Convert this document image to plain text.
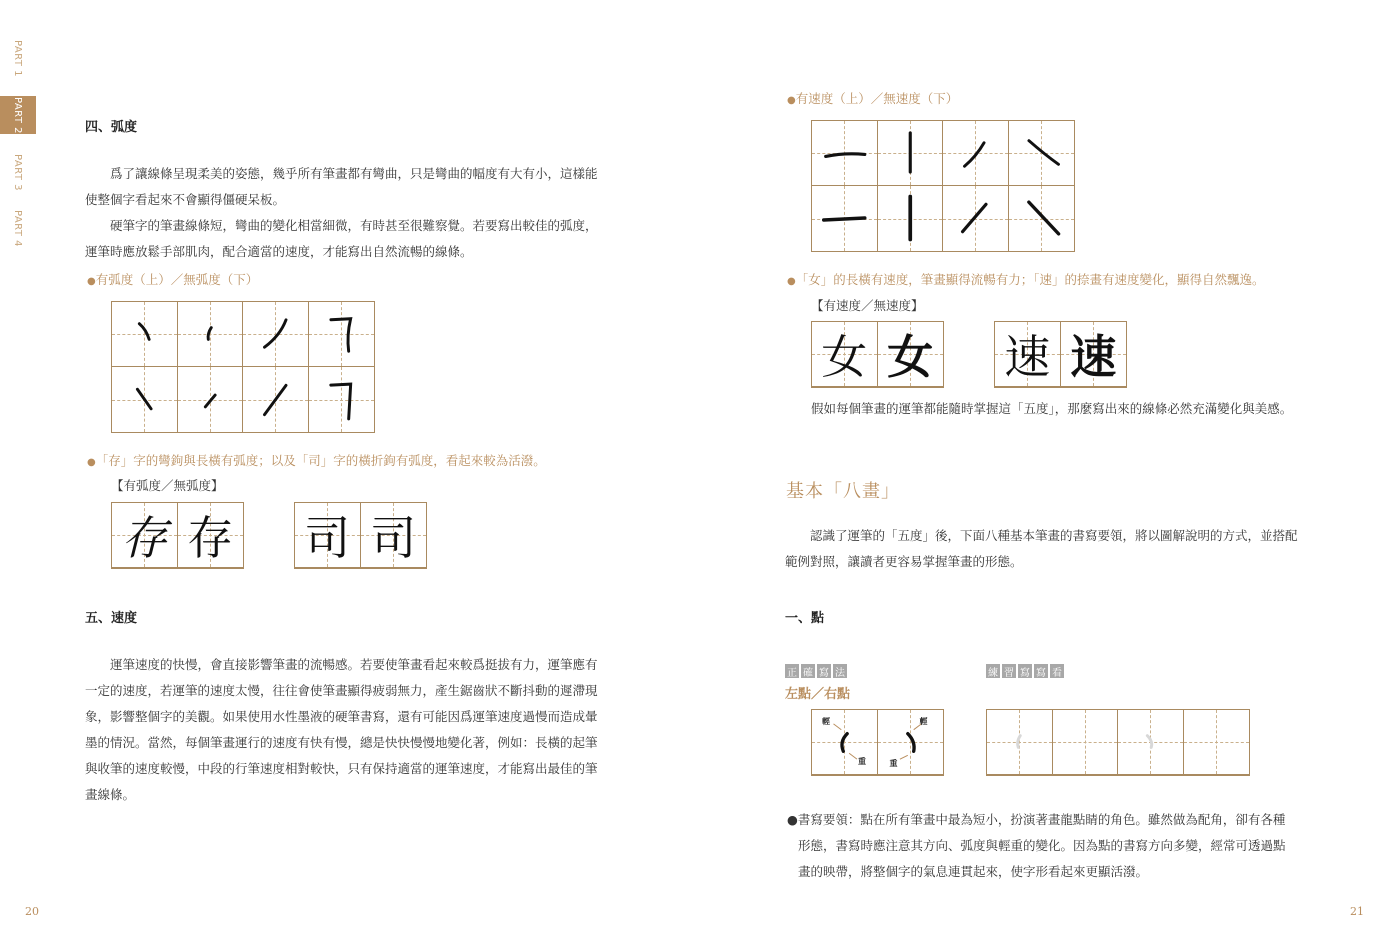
PART 1
PART 2
PART 3
PART 4
四、弧度

爲了讓線條呈現柔美的姿態，幾乎所有筆畫都有彎曲，只是彎曲的幅度有大有小，這樣能使整個字看起來不會顯得僵硬呆板。

硬筆字的筆畫線條短，彎曲的變化相當細微，有時甚至很難察覺。若要寫出較佳的弧度，運筆時應放鬆手部肌肉，配合適當的速度，才能寫出自然流暢的線條。

●有弧度（上）／無弧度（下）
●「存」字的彎鉤與長橫有弧度；以及「司」字的橫折鉤有弧度，看起來較為活潑。
【有弧度／無弧度】
存 存 司 司
五、速度

運筆速度的快慢，會直接影響筆畫的流暢感。若要使筆畫看起來較爲挺拔有力，運筆應有一定的速度，若運筆的速度太慢，往往會使筆畫顯得疲弱無力，產生鋸齒狀不斷抖動的遲滯現象，影響整個字的美觀。如果使用水性墨液的硬筆書寫，還有可能因爲運筆速度過慢而造成暈墨的情況。當然，每個筆畫運行的速度有快有慢，總是快快慢慢地變化著，例如：長橫的起筆與收筆的速度較慢，中段的行筆速度相對較快，只有保持適當的運筆速度，才能寫出最佳的筆畫線條。

20
●有速度（上）／無速度（下）
●「女」的長橫有速度，筆畫顯得流暢有力；「速」的捺畫有速度變化，顯得自然飄逸。
【有速度／無速度】
女 女 速 速
假如每個筆畫的運筆都能隨時掌握這「五度」，那麼寫出來的線條必然充滿變化與美感。
基本「八畫」

認識了運筆的「五度」後，下面八種基本筆畫的書寫要領，將以圖解說明的方式，並搭配範例對照，讓讀者更容易掌握筆畫的形態。

一、點
正 確 寫 法	練 習 寫 寫 看
左點／右點
輕
重
輕
重
●書寫要領：點在所有筆畫中最為短小，扮演著畫龍點睛的角色。雖然做為配角，卻有各種
形態，書寫時應注意其方向、弧度與輕重的變化。因為點的書寫方向多變，經常可透過點
畫的映帶，將整個字的氣息連貫起來，使字形看起來更顯活潑。
21
